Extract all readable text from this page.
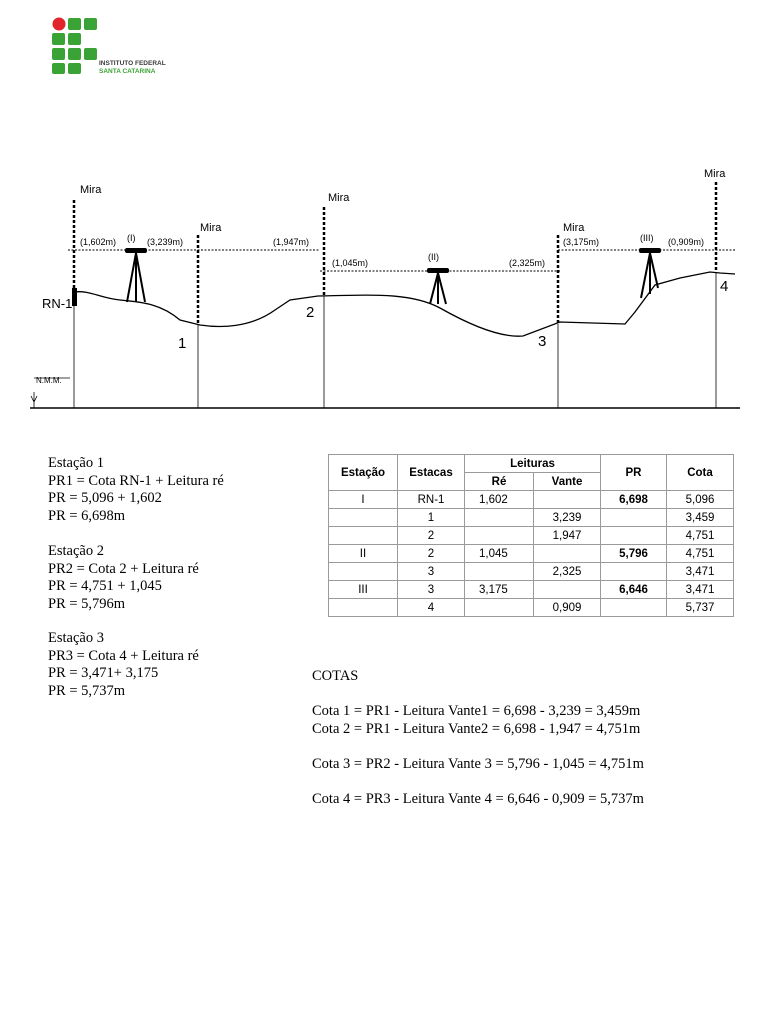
INSTITUTO FEDERAL
SANTA CATARINA
N.M.M.
Mira
Mira
Mira
Mira
Mira
(I)
(II)
(III)
(1,602m)	(3,239m)	(1,947m)
(1,045m)	(2,325m)
(3,175m)	(0,909m)
RN-1
1
2
3
4
Estação 1
PR1 = Cota RN-1 + Leitura ré
PR = 5,096 + 1,602
PR = 6,698m
Estação 2
PR2 = Cota 2 + Leitura ré
PR = 4,751 + 1,045
PR = 5,796m
Estação 3
PR3 = Cota 4 + Leitura ré
PR = 3,471+ 3,175
PR = 5,737m
Estação	Estacas	Leituras		PR	Cota
		Ré	Vante		
I	RN-1	1,602		6,698	5,096
	1		3,239		3,459
	2		1,947		4,751
II	2	1,045		5,796	4,751
	3		2,325		3,471
III	3	3,175		6,646	3,471
	4		0,909		5,737
COTAS
Cota 1 = PR1 - Leitura Vante1 = 6,698 - 3,239 = 3,459m
Cota 2 = PR1 - Leitura Vante2 = 6,698 - 1,947 = 4,751m
Cota 3 = PR2 - Leitura Vante 3 = 5,796 - 1,045 = 4,751m
Cota 4 = PR3 - Leitura Vante 4 = 6,646 - 0,909 = 5,737m
